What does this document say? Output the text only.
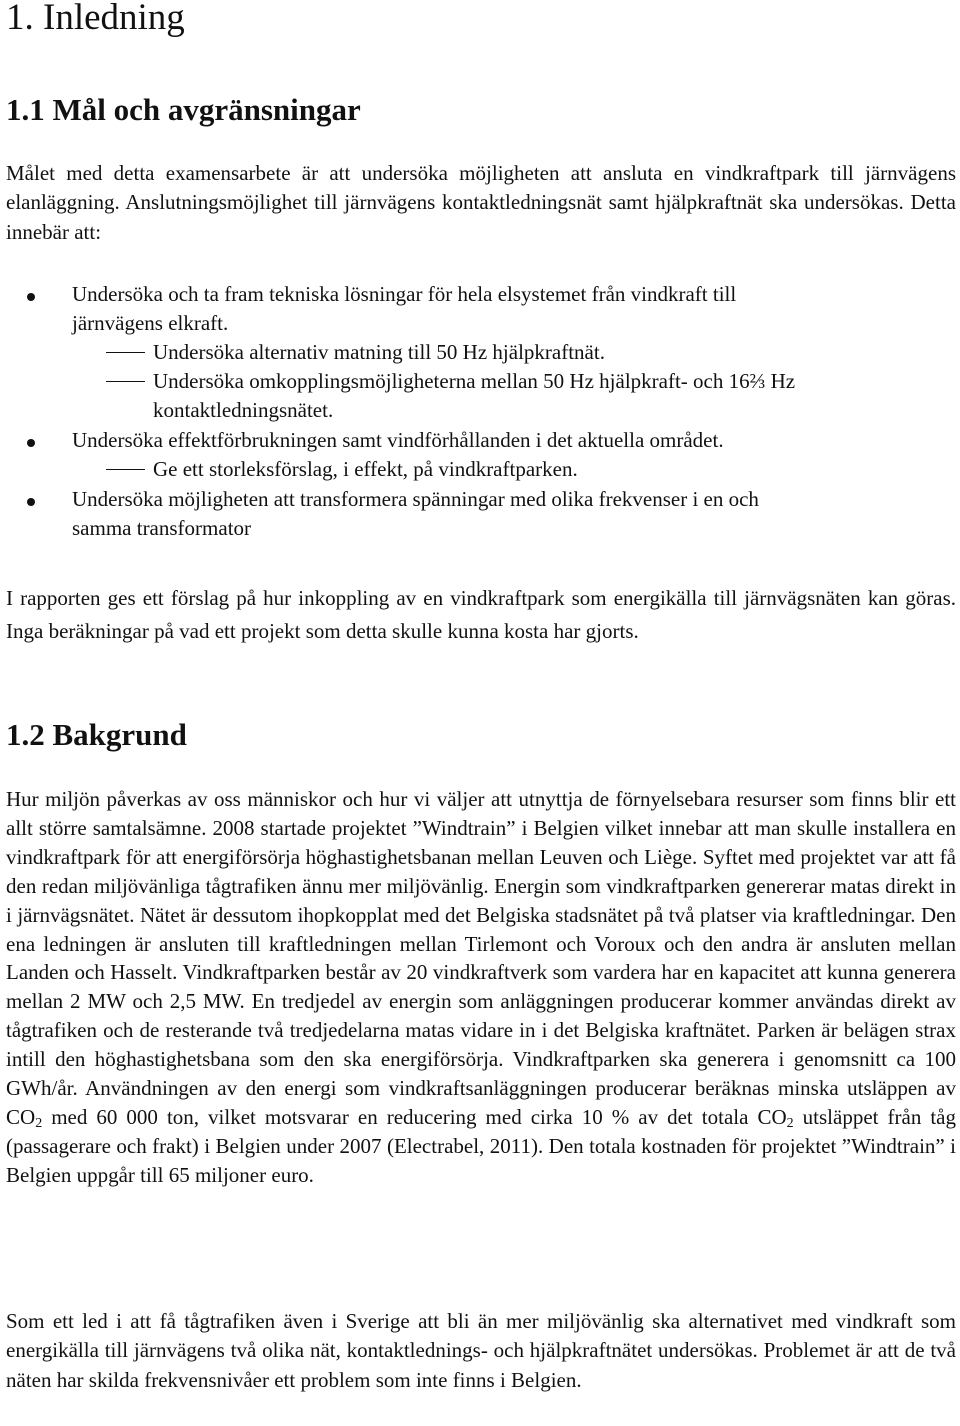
1. Inledning
1.1 Mål och avgränsningar

Målet med detta examensarbete är att undersöka möjligheten att ansluta en vindkraftpark till järnvägens elanläggning. Anslutningsmöjlighet till järnvägens kontaktledningsnät samt hjälpkraftnät ska undersökas. Detta innebär att:

Undersöka och ta fram tekniska lösningar för hela elsystemet från vindkraft till

järnvägens elkraft.

Undersöka alternativ matning till 50 Hz hjälpkraftnät.

Undersöka omkopplingsmöjligheterna mellan 50 Hz hjälpkraft- och 16⅔ Hz

kontaktledningsnätet.

Undersöka effektförbrukningen samt vindförhållanden i det aktuella området.

Ge ett storleksförslag, i effekt, på vindkraftparken.

Undersöka möjligheten att transformera spänningar med olika frekvenser i en och

samma transformator

I rapporten ges ett förslag på hur inkoppling av en vindkraftpark som energikälla till järnvägsnäten kan göras. Inga beräkningar på vad ett projekt som detta skulle kunna kosta har gjorts.

1.2 Bakgrund

Hur miljön påverkas av oss människor och hur vi väljer att utnyttja de förnyelsebara resurser som finns blir ett allt större samtalsämne. 2008 startade projektet ”Windtrain” i Belgien vilket innebar att man skulle installera en vindkraftpark för att energiförsörja höghastighetsbanan mellan Leuven och Liège. Syftet med projektet var att få den redan miljövänliga tågtrafiken ännu mer miljövänlig. Energin som vindkraftparken genererar matas direkt in i järnvägsnätet. Nätet är dessutom ihopkopplat med det Belgiska stadsnätet på två platser via kraftledningar. Den ena ledningen är ansluten till kraftledningen mellan Tirlemont och Voroux och den andra är ansluten mellan Landen och Hasselt. Vindkraftparken består av 20 vindkraftverk som vardera har en kapacitet att kunna generera mellan 2 MW och 2,5 MW. En tredjedel av energin som anläggningen producerar kommer användas direkt av tågtrafiken och de resterande två tredjedelarna matas vidare in i det Belgiska kraftnätet. Parken är belägen strax intill den höghastighetsbana som den ska energiförsörja. Vindkraftparken ska generera i genomsnitt ca 100 GWh/år. Användningen av den energi som vindkraftsanläggningen producerar beräknas minska utsläppen av $CO_2$ med 60 000 ton, vilket motsvarar en reducering med cirka 10 % av det totala $CO_2$ utsläppet från tåg (passagerare och frakt) i Belgien under 2007 (Electrabel, 2011). Den totala kostnaden för projektet ”Windtrain” i Belgien uppgår till 65 miljoner euro.

Som ett led i att få tågtrafiken även i Sverige att bli än mer miljövänlig ska alternativet med vindkraft som energikälla till järnvägens två olika nät, kontaktlednings- och hjälpkraftnätet undersökas. Problemet är att de två näten har skilda frekvensnivåer ett problem som inte finns i Belgien.
